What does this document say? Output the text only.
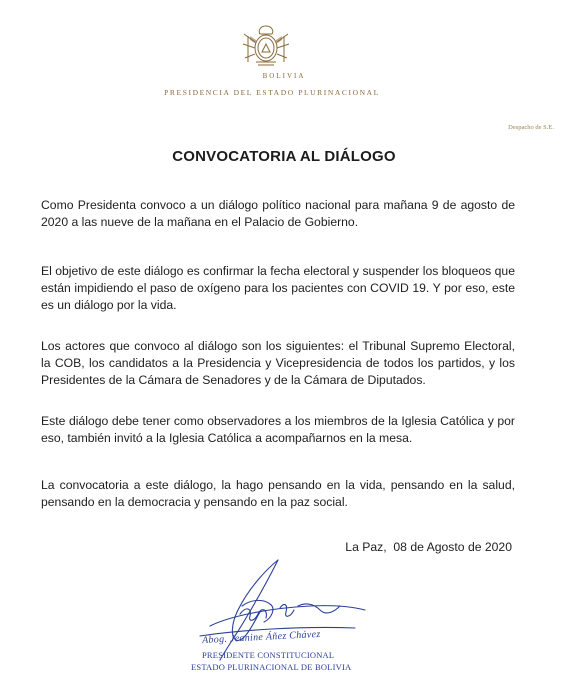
BOLIVIA
PRESIDENCIA DEL ESTADO PLURINACIONAL
Despacho de S.E.
CONVOCATORIA AL DIÁLOGO
Como Presidenta convoco a un diálogo político nacional para mañana 9 de agosto de 2020 a las nueve de la mañana en el Palacio de Gobierno.
El objetivo de este diálogo es confirmar la fecha electoral y suspender los bloqueos que están impidiendo el paso de oxígeno para los pacientes con COVID 19. Y por eso, este es un diálogo por la vida.
Los actores que convoco al diálogo son los siguientes: el Tribunal Supremo Electoral, la COB, los candidatos a la Presidencia y Vicepresidencia de todos los partidos, y los Presidentes de la Cámara de Senadores y de la Cámara de Diputados.
Este diálogo debe tener como observadores a los miembros de la Iglesia Católica y por eso, también invitó a la Iglesia Católica a acompañarnos en la mesa.
La convocatoria a este diálogo, la hago pensando en la vida, pensando en la salud, pensando en la democracia y pensando en la paz social.
La Paz,  08 de Agosto de 2020
Abog. Jeanine Áñez Chávez
PRESIDENTE CONSTITUCIONAL
ESTADO PLURINACIONAL DE BOLIVIA
